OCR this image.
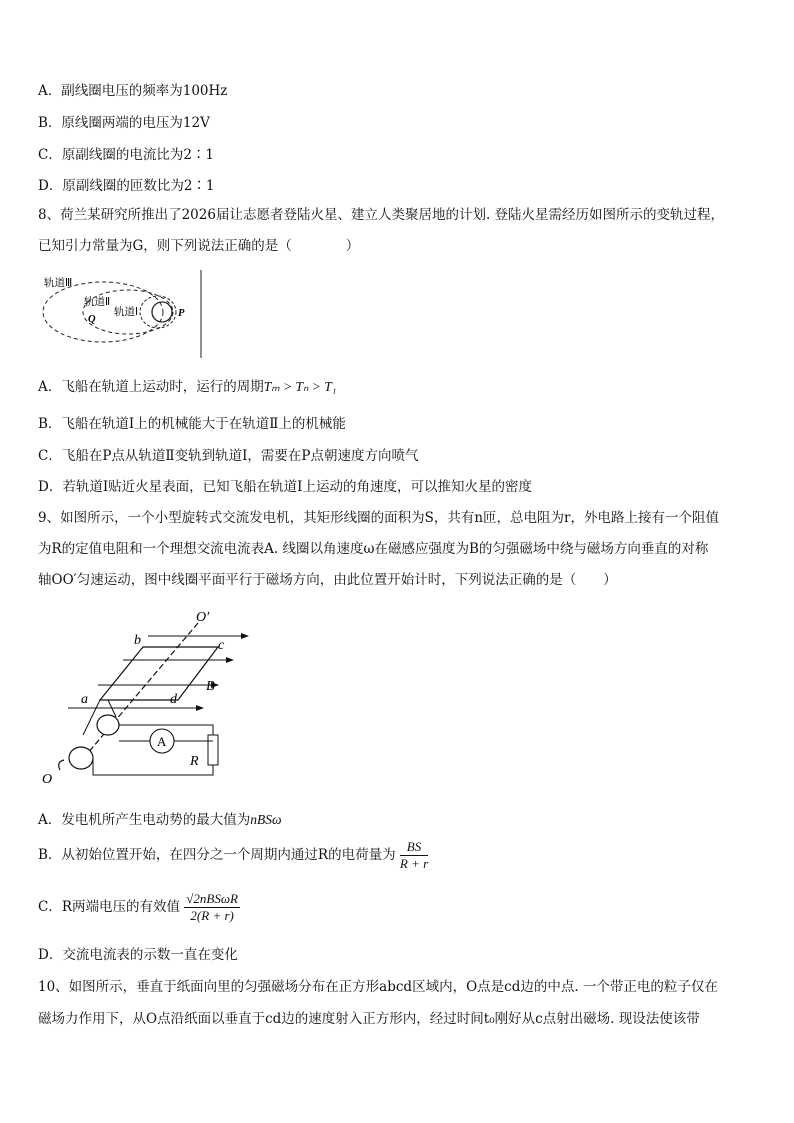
A．副线圈电压的频率为100Hz
B．原线圈两端的电压为12V
C．原副线圈的电流比为2∶1
D．原副线圈的匝数比为2∶1
8、荷兰某研究所推出了2026届让志愿者登陆火星、建立人类聚居地的计划. 登陆火星需经历如图所示的变轨过程，
已知引力常量为G，则下列说法正确的是（　　　　）
轨道Ⅲ
轨道Ⅱ
轨道Ⅰ
Q
P
A．飞船在轨道上运动时，运行的周期Tₘ > Tₙ > T₁
B．飞船在轨道Ⅰ上的机械能大于在轨道Ⅱ上的机械能
C．飞船在P点从轨道Ⅱ变轨到轨道Ⅰ，需要在P点朝速度方向喷气
D．若轨道Ⅰ贴近火星表面，已知飞船在轨道Ⅰ上运动的角速度，可以推知火星的密度
9、如图所示，一个小型旋转式交流发电机，其矩形线圈的面积为S，共有n匝，总电阻为r，外电路上接有一个阻值
为R的定值电阻和一个理想交流电流表A. 线圈以角速度ω在磁感应强度为B的匀强磁场中绕与磁场方向垂直的对称
轴OO′匀速运动，图中线圈平面平行于磁场方向，由此位置开始计时，下列说法正确的是（　　）
O′
O
b	c
a	d
B
A
R
A．发电机所产生电动势的最大值为nBSω
B．从初始位置开始，在四分之一个周期内通过R的电荷量为 $\frac{BS}{R + r}$
C．R两端电压的有效值 $\frac{\text{√2nBSωR}}{2(R + r)}$
D．交流电流表的示数一直在变化
10、如图所示，垂直于纸面向里的匀强磁场分布在正方形abcd区域内，O点是cd边的中点. 一个带正电的粒子仅在
磁场力作用下，从O点沿纸面以垂直于cd边的速度射入正方形内，经过时间t₀刚好从c点射出磁场. 现设法使该带
